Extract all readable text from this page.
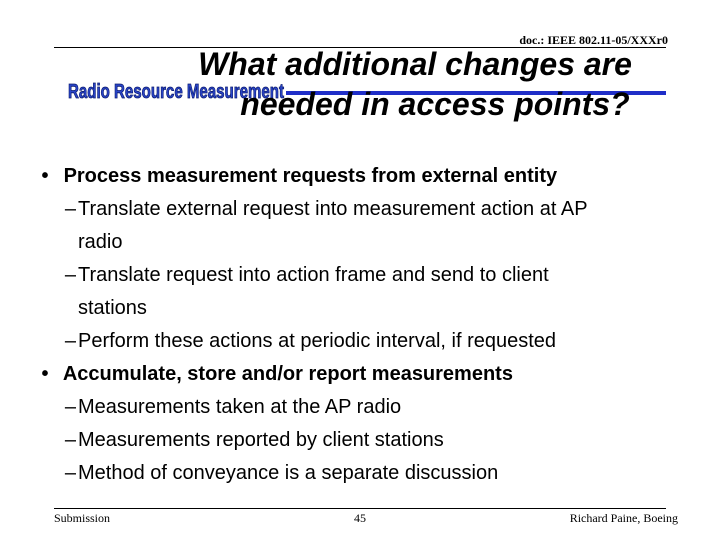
doc.: IEEE 802.11-05/XXXr0
Radio Resource Measurement
What additional changes are
needed in access points?
• Process measurement requests from external entity
– Translate external request into measurement action at AP
radio
– Translate request into action frame and send to client
stations
– Perform these actions at periodic interval, if requested
• Accumulate, store and/or report measurements
– Measurements taken at the AP radio
– Measurements reported by client stations
– Method of conveyance is a separate discussion
Submission	45	Richard Paine, Boeing
